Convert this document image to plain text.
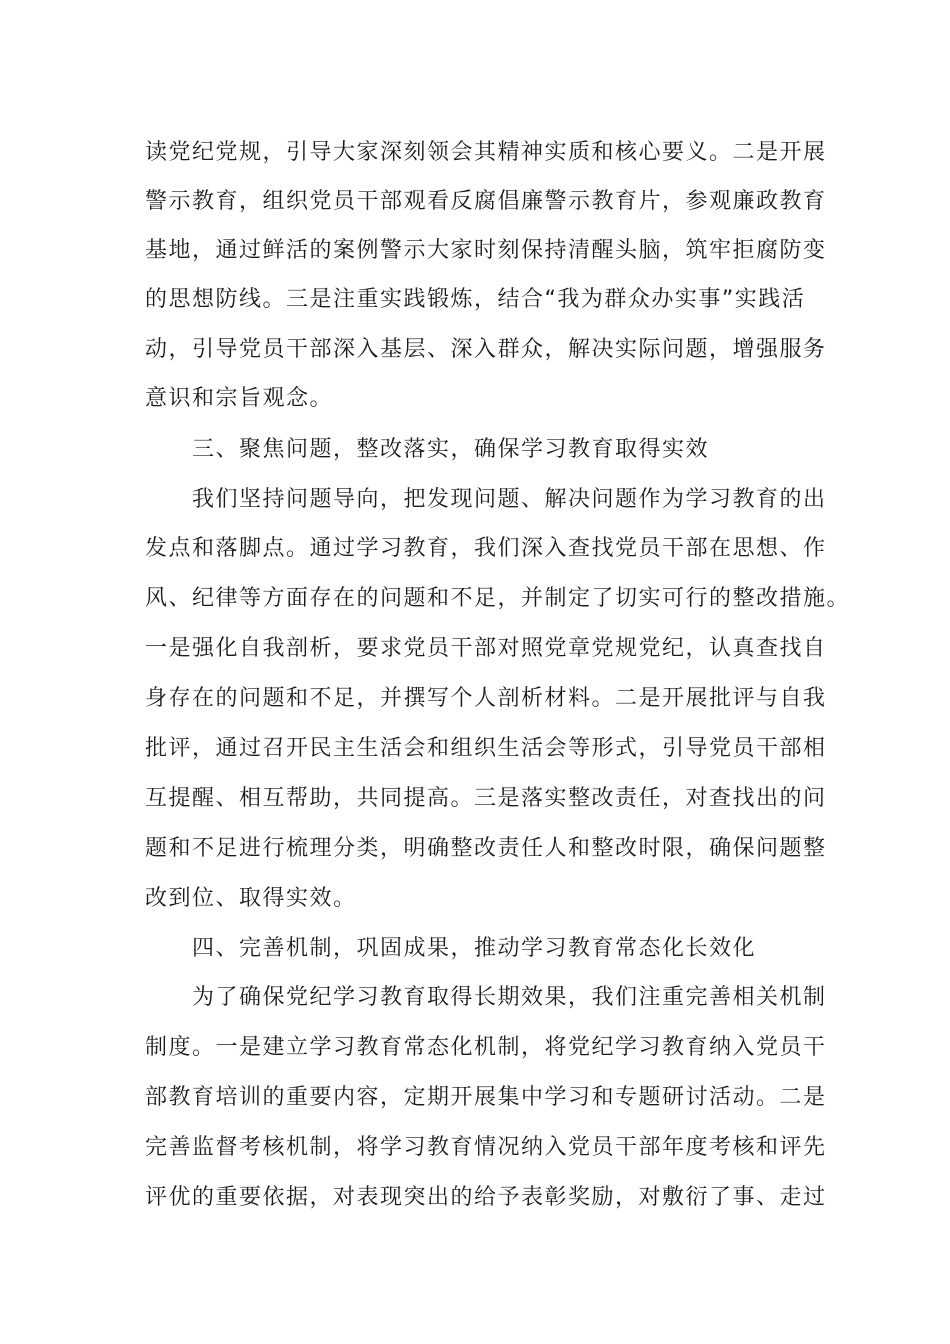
读党纪党规，引导大家深刻领会其精神实质和核心要义。二是开展
警示教育，组织党员干部观看反腐倡廉警示教育片，参观廉政教育
基地，通过鲜活的案例警示大家时刻保持清醒头脑，筑牢拒腐防变
的思想防线。三是注重实践锻炼，结合“我为群众办实事”实践活
动，引导党员干部深入基层、深入群众，解决实际问题，增强服务
意识和宗旨观念。
三、聚焦问题，整改落实，确保学习教育取得实效
我们坚持问题导向，把发现问题、解决问题作为学习教育的出
发点和落脚点。通过学习教育，我们深入查找党员干部在思想、作
风、纪律等方面存在的问题和不足，并制定了切实可行的整改措施。
一是强化自我剖析，要求党员干部对照党章党规党纪，认真查找自
身存在的问题和不足，并撰写个人剖析材料。二是开展批评与自我
批评，通过召开民主生活会和组织生活会等形式，引导党员干部相
互提醒、相互帮助，共同提高。三是落实整改责任，对查找出的问
题和不足进行梳理分类，明确整改责任人和整改时限，确保问题整
改到位、取得实效。
四、完善机制，巩固成果，推动学习教育常态化长效化
为了确保党纪学习教育取得长期效果，我们注重完善相关机制
制度。一是建立学习教育常态化机制，将党纪学习教育纳入党员干
部教育培训的重要内容，定期开展集中学习和专题研讨活动。二是
完善监督考核机制，将学习教育情况纳入党员干部年度考核和评先
评优的重要依据，对表现突出的给予表彰奖励，对敷衍了事、走过
